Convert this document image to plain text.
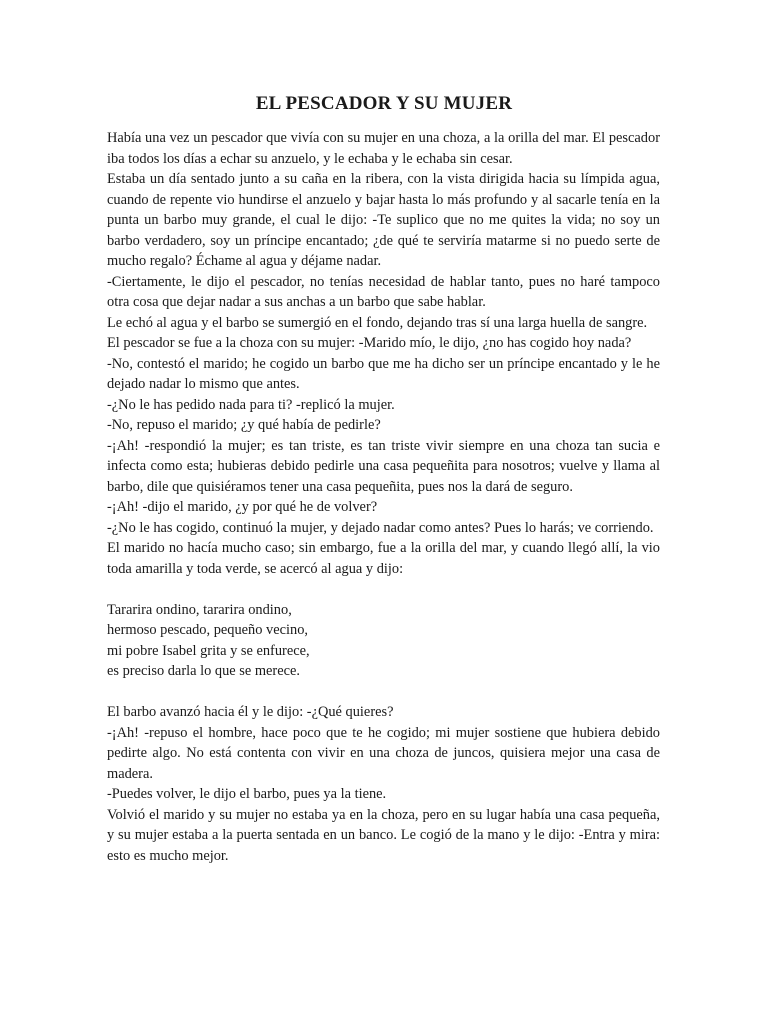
EL PESCADOR Y SU MUJER

Había una vez un pescador que vivía con su mujer en una choza, a la orilla del mar. El pescador iba todos los días a echar su anzuelo, y le echaba y le echaba sin cesar.

Estaba un día sentado junto a su caña en la ribera, con la vista dirigida hacia su límpida agua, cuando de repente vio hundirse el anzuelo y bajar hasta lo más profundo y al sacarle tenía en la punta un barbo muy grande, el cual le dijo: -Te suplico que no me quites la vida; no soy un barbo verdadero, soy un príncipe encantado; ¿de qué te serviría matarme si no puedo serte de mucho regalo? Échame al agua y déjame nadar.

-Ciertamente, le dijo el pescador, no tenías necesidad de hablar tanto, pues no haré tampoco otra cosa que dejar nadar a sus anchas a un barbo que sabe hablar.

Le echó al agua y el barbo se sumergió en el fondo, dejando tras sí una larga huella de sangre.

El pescador se fue a la choza con su mujer: -Marido mío, le dijo, ¿no has cogido hoy nada?

-No, contestó el marido; he cogido un barbo que me ha dicho ser un príncipe encantado y le he dejado nadar lo mismo que antes.

-¿No le has pedido nada para ti? -replicó la mujer.

-No, repuso el marido; ¿y qué había de pedirle?

-¡Ah! -respondió la mujer; es tan triste, es tan triste vivir siempre en una choza tan sucia e infecta como esta; hubieras debido pedirle una casa pequeñita para nosotros; vuelve y llama al barbo, dile que quisiéramos tener una casa pequeñita, pues nos la dará de seguro.

-¡Ah! -dijo el marido, ¿y por qué he de volver?

-¿No le has cogido, continuó la mujer, y dejado nadar como antes? Pues lo harás; ve corriendo.

El marido no hacía mucho caso; sin embargo, fue a la orilla del mar, y cuando llegó allí, la vio toda amarilla y toda verde, se acercó al agua y dijo:

Tararira ondino, tararira ondino,
hermoso pescado, pequeño vecino,
mi pobre Isabel grita y se enfurece,
es preciso darla lo que se merece.

El barbo avanzó hacia él y le dijo: -¿Qué quieres?

-¡Ah! -repuso el hombre, hace poco que te he cogido; mi mujer sostiene que hubiera debido pedirte algo. No está contenta con vivir en una choza de juncos, quisiera mejor una casa de madera.

-Puedes volver, le dijo el barbo, pues ya la tiene.

Volvió el marido y su mujer no estaba ya en la choza, pero en su lugar había una casa pequeña, y su mujer estaba a la puerta sentada en un banco. Le cogió de la mano y le dijo: -Entra y mira: esto es mucho mejor.
